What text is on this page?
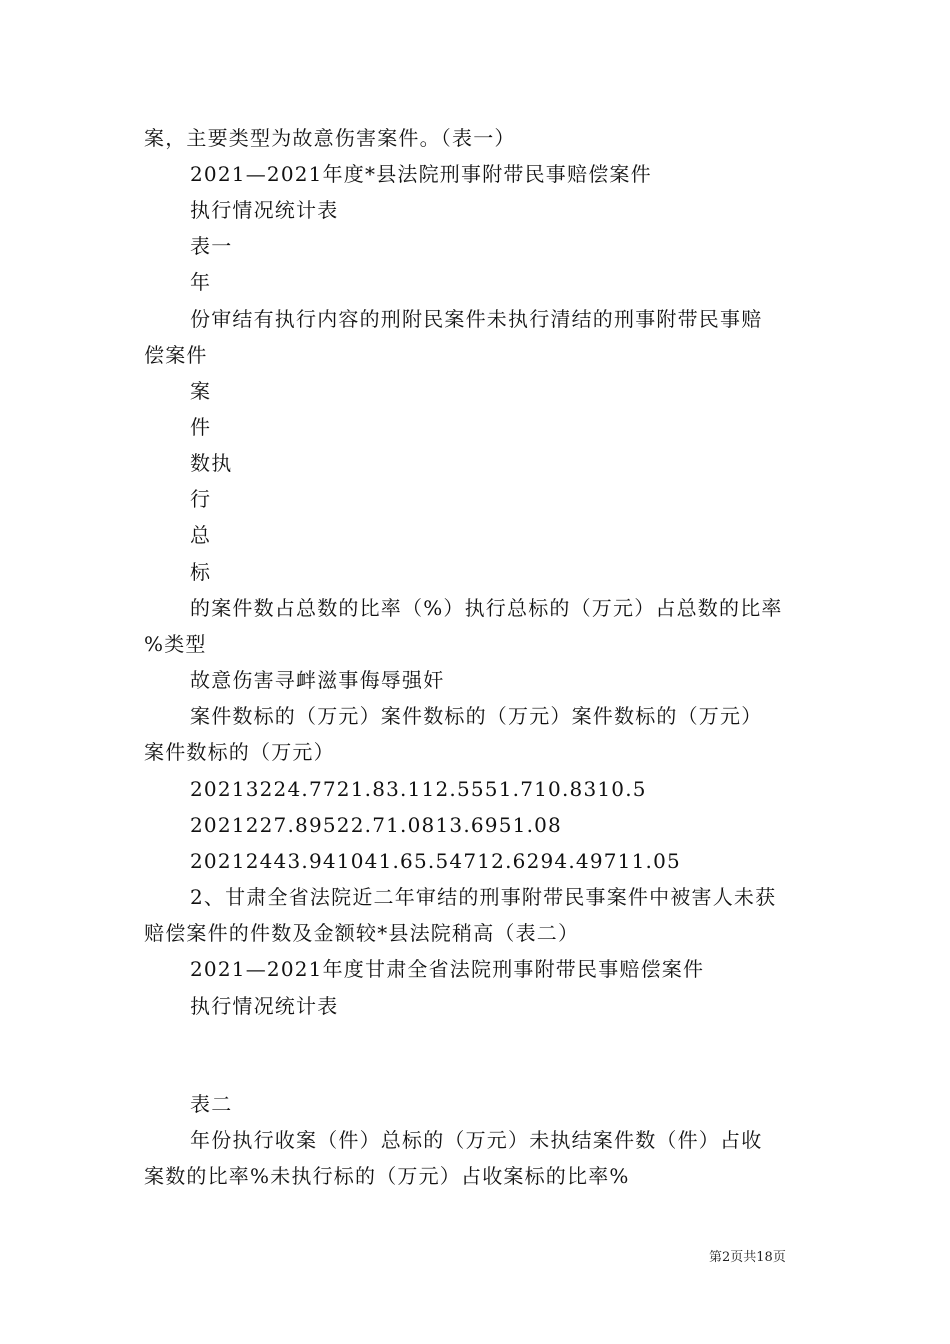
案，主要类型为故意伤害案件。（表一）
2021—2021年度*县法院刑事附带民事赔偿案件
执行情况统计表
表一
年
份审结有执行内容的刑附民案件未执行清结的刑事附带民事赔
偿案件
案
件
数执
行
总
标
的案件数占总数的比率（%）执行总标的（万元）占总数的比率
%类型
故意伤害寻衅滋事侮辱强奸
案件数标的（万元）案件数标的（万元）案件数标的（万元）
案件数标的（万元）
20213224.7721.83.112.5551.710.8310.5
2021227.89522.71.0813.6951.08
20212443.941041.65.54712.6294.49711.05
2、甘肃全省法院近二年审结的刑事附带民事案件中被害人未获
赔偿案件的件数及金额较*县法院稍高（表二）
2021—2021年度甘肃全省法院刑事附带民事赔偿案件
执行情况统计表
表二
年份执行收案（件）总标的（万元）未执结案件数（件）占收
案数的比率%未执行标的（万元）占收案标的比率%
第2页共18页
